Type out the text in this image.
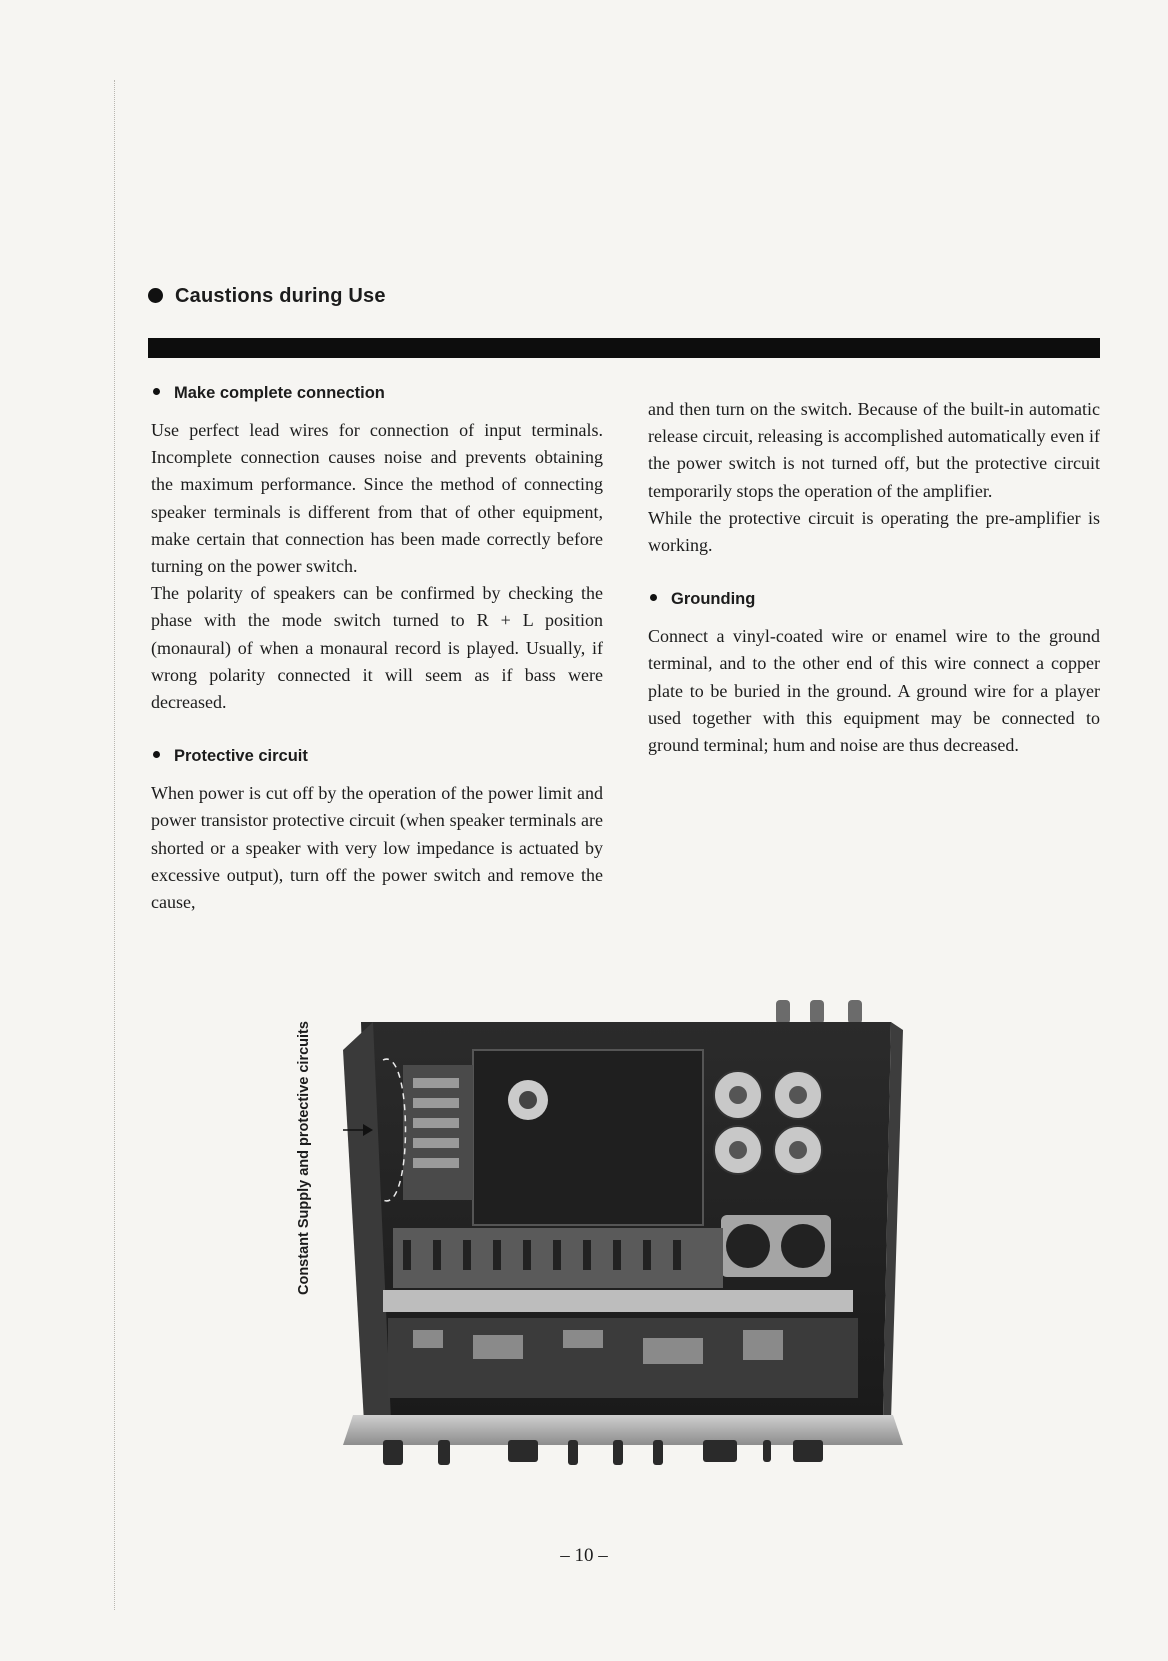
Caustions during Use
Make complete connection

Use perfect lead wires for connection of input terminals. Incomplete connection causes noise and prevents obtaining the maximum performance. Since the method of connecting speaker terminals is different from that of other equipment, make certain that connection has been made correctly before turning on the power switch.

The polarity of speakers can be confirmed by checking the phase with the mode switch turned to R + L position (monaural) of when a monaural record is played. Usually, if wrong polarity connected it will seem as if bass were decreased.

Protective circuit

When power is cut off by the operation of the power limit and power transistor protective circuit (when speaker terminals are shorted or a speaker with very low impedance is actuated by excessive output), turn off the power switch and remove the cause,

and then turn on the switch. Because of the built-in automatic release circuit, releasing is accomplished automatically even if the power switch is not turned off, but the protective circuit temporarily stops the operation of the amplifier.

While the protective circuit is operating the pre-amplifier is working.

Grounding

Connect a vinyl-coated wire or enamel wire to the ground terminal, and to the other end of this wire connect a copper plate to be buried in the ground. A ground wire for a player used together with this equipment may be connected to ground terminal; hum and noise are thus decreased.

Constant Supply and protective circuits
– 10 –
